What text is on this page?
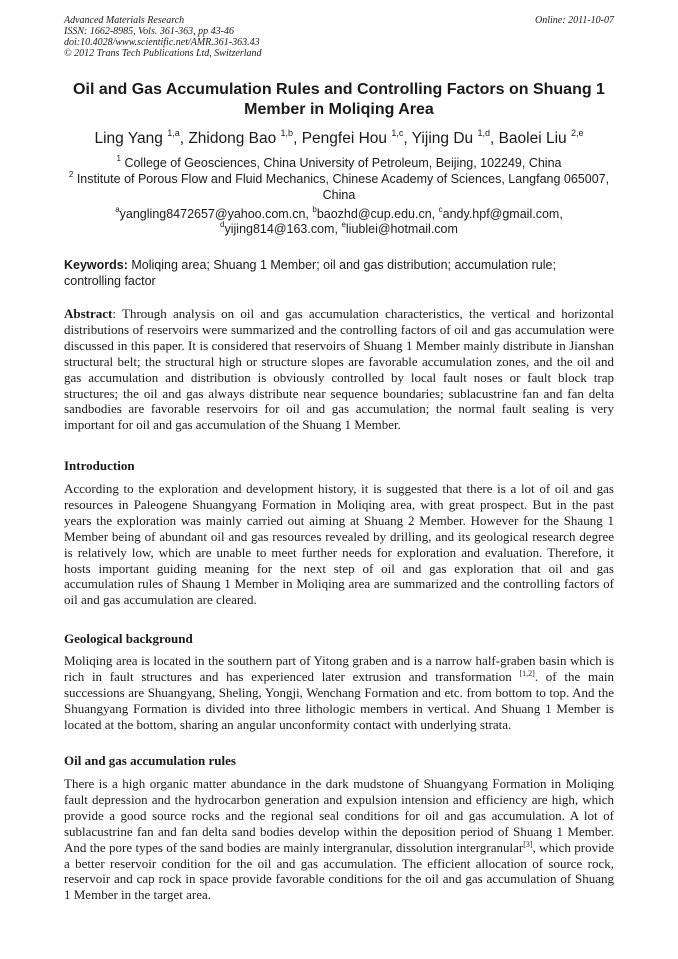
Advanced Materials Research
ISSN: 1662-8985, Vols. 361-363, pp 43-46
doi:10.4028/www.scientific.net/AMR.361-363.43
© 2012 Trans Tech Publications Ltd, Switzerland
Online: 2011-10-07
Oil and Gas Accumulation Rules and Controlling Factors on Shuang 1 Member in Moliqing Area
Ling Yang $^{1,a}$, Zhidong Bao $^{1,b}$, Pengfei Hou $^{1,c}$, Yijing Du $^{1,d}$, Baolei Liu $^{2,e}$
$^1$ College of Geosciences, China University of Petroleum, Beijing, 102249, China
$^2$ Institute of Porous Flow and Fluid Mechanics, Chinese Academy of Sciences, Langfang 065007, China
$^a$yangling8472657@yahoo.com.cn, $^b$baozhd@cup.edu.cn, $^c$andy.hpf@gmail.com,
$^d$yijing814@163.com, $^e$liublei@hotmail.com
Keywords: Moliqing area; Shuang 1 Member; oil and gas distribution; accumulation rule; controlling factor
Abstract: Through analysis on oil and gas accumulation characteristics, the vertical and horizontal distributions of reservoirs were summarized and the controlling factors of oil and gas accumulation were discussed in this paper. It is considered that reservoirs of Shuang 1 Member mainly distribute in Jianshan structural belt; the structural high or structure slopes are favorable accumulation zones, and the oil and gas accumulation and distribution is obviously controlled by local fault noses or fault block trap structures; the oil and gas always distribute near sequence boundaries; sublacustrine fan and fan delta sandbodies are favorable reservoirs for oil and gas accumulation; the normal fault sealing is very important for oil and gas accumulation of the Shuang 1 Member.
Introduction
According to the exploration and development history, it is suggested that there is a lot of oil and gas resources in Paleogene Shuangyang Formation in Moliqing area, with great prospect. But in the past years the exploration was mainly carried out aiming at Shuang 2 Member. However for the Shaung 1 Member being of abundant oil and gas resources revealed by drilling, and its geological research degree is relatively low, which are unable to meet further needs for exploration and evaluation. Therefore, it hosts important guiding meaning for the next step of oil and gas exploration that oil and gas accumulation rules of Shaung 1 Member in Moliqing area are summarized and the controlling factors of oil and gas accumulation are cleared.
Geological background
Moliqing area is located in the southern part of Yitong graben and is a narrow half-graben basin which is rich in fault structures and has experienced later extrusion and transformation [1,2]. of the main successions are Shuangyang, Sheling, Yongji, Wenchang Formation and etc. from bottom to top. And the Shuangyang Formation is divided into three lithologic members in vertical. And Shuang 1 Member is located at the bottom, sharing an angular unconformity contact with underlying strata.
Oil and gas accumulation rules
There is a high organic matter abundance in the dark mudstone of Shuangyang Formation in Moliqing fault depression and the hydrocarbon generation and expulsion intension and efficiency are high, which provide a good source rocks and the regional seal conditions for oil and gas accumulation. A lot of sublacustrine fan and fan delta sand bodies develop within the deposition period of Shuang 1 Member. And the pore types of the sand bodies are mainly intergranular, dissolution intergranular[3], which provide a better reservoir condition for the oil and gas accumulation. The efficient allocation of source rock, reservoir and cap rock in space provide favorable conditions for the oil and gas accumulation of Shuang 1 Member in the target area.
